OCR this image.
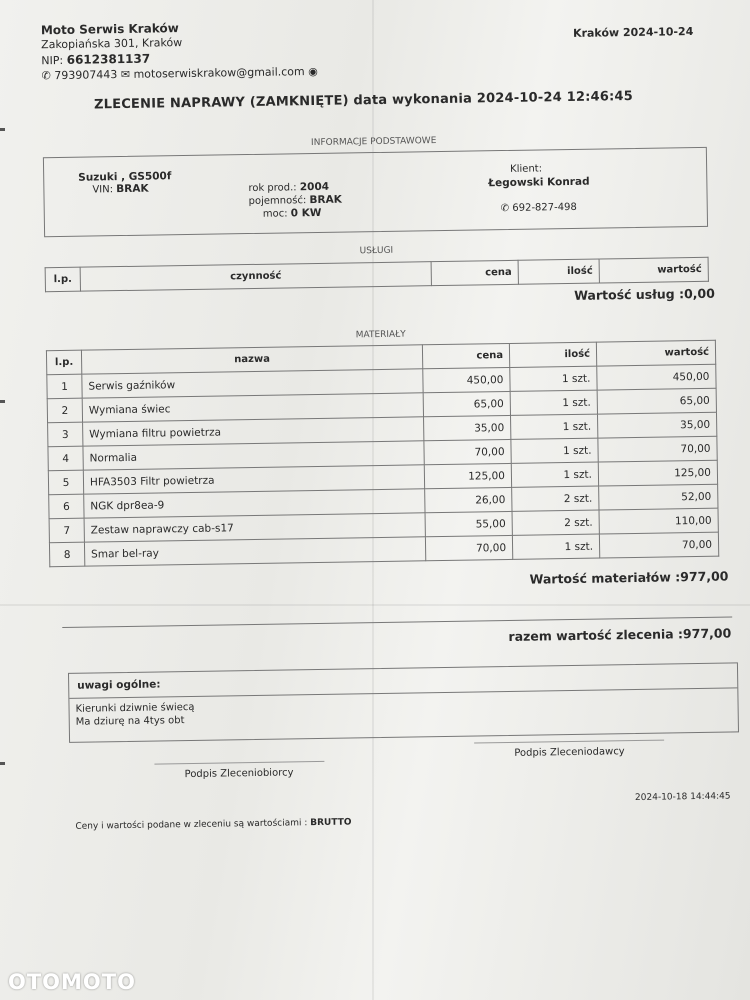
Moto Serwis Kraków
Zakopiańska 301, Kraków
NIP: 6612381137
✆ 793907443 ✉ motoserwiskrakow@gmail.com ◉
Kraków 2024-10-24
ZLECENIE NAPRAWY (ZAMKNIĘTE) data wykonania 2024-10-24 12:46:45
INFORMACJE PODSTAWOWE
Suzuki , GS500f
VIN: BRAK	rok prod.: 2004
pojemność: BRAK
moc: 0 KW
Klient:
Łegowski Konrad
✆ 692-827-498
USŁUGI
l.p.	czynność	cena	ilość	wartość
Wartość usług :0,00
MATERIAŁY
l.p.	nazwa	cena	ilość	wartość
1	Serwis gaźników	450,00	1 szt.	450,00
2	Wymiana świec	65,00	1 szt.	65,00
3	Wymiana filtru powietrza	35,00	1 szt.	35,00
4	Normalia	70,00	1 szt.	70,00
5	HFA3503 Filtr powietrza	125,00	1 szt.	125,00
6	NGK dpr8ea-9	26,00	2 szt.	52,00
7	Zestaw naprawczy cab-s17	55,00	2 szt.	110,00
8	Smar bel-ray	70,00	1 szt.	70,00
Wartość materiałów :977,00
razem wartość zlecenia :977,00
uwagi ogólne:
Kierunki dziwnie świecą
Ma dziurę na 4tys obt
Podpis Zleceniobiorcy
Podpis Zleceniodawcy
2024-10-18 14:44:45
Ceny i wartości podane w zleceniu są wartościami : BRUTTO
OTOMOTO
